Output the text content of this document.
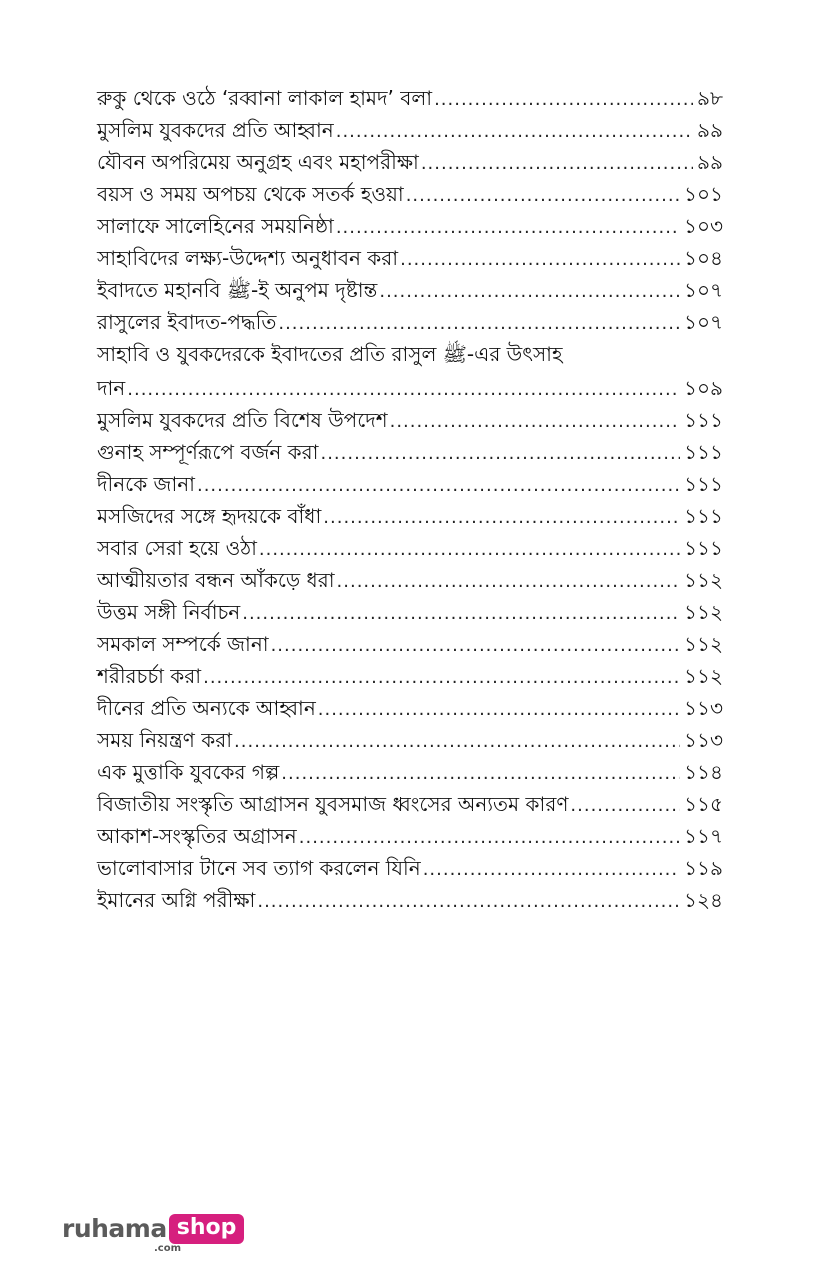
রুকু থেকে ওঠে ‘রব্বানা লাকাল হামদ’ বলা .....	৯৮
মুসলিম যুবকদের প্রতি আহ্বান .....	৯৯
যৌবন অপরিমেয় অনুগ্রহ এবং মহাপরীক্ষা .....	৯৯
বয়স ও সময় অপচয় থেকে সতর্ক হওয়া .....	১০১
সালাফে সালেহিনের সময়নিষ্ঠা .....	১০৩
সাহাবিদের লক্ষ্য-উদ্দেশ্য অনুধাবন করা .....	১০৪
ইবাদতে মহানবি ﷺ-ই অনুপম দৃষ্টান্ত .....	১০৭
রাসুলের ইবাদত-পদ্ধতি .....	১০৭
সাহাবি ও যুবকদেরকে ইবাদতের প্রতি রাসুল ﷺ-এর উৎসাহ
দান .....	১০৯
মুসলিম যুবকদের প্রতি বিশেষ উপদেশ .....	১১১
গুনাহ সম্পূর্ণরূপে বর্জন করা .....	১১১
দীনকে জানা .....	১১১
মসজিদের সঙ্গে হৃদয়কে বাঁধা .....	১১১
সবার সেরা হয়ে ওঠা .....	১১১
আত্মীয়তার বন্ধন আঁকড়ে ধরা .....	১১২
উত্তম সঙ্গী নির্বাচন .....	১১২
সমকাল সম্পর্কে জানা .....	১১২
শরীরচর্চা করা .....	১১২
দীনের প্রতি অন্যকে আহ্বান .....	১১৩
সময় নিয়ন্ত্রণ করা .....	১১৩
এক মুত্তাকি যুবকের গল্প .....	১১৪
বিজাতীয় সংস্কৃতি আগ্রাসন যুবসমাজ ধ্বংসের অন্যতম কারণ .....	১১৫
আকাশ-সংস্কৃতির অগ্রাসন .....	১১৭
ভালোবাসার টানে সব ত্যাগ করলেন যিনি .....	১১৯
ইমানের অগ্নি পরীক্ষা .....	১২৪
ruhama shop
.com
